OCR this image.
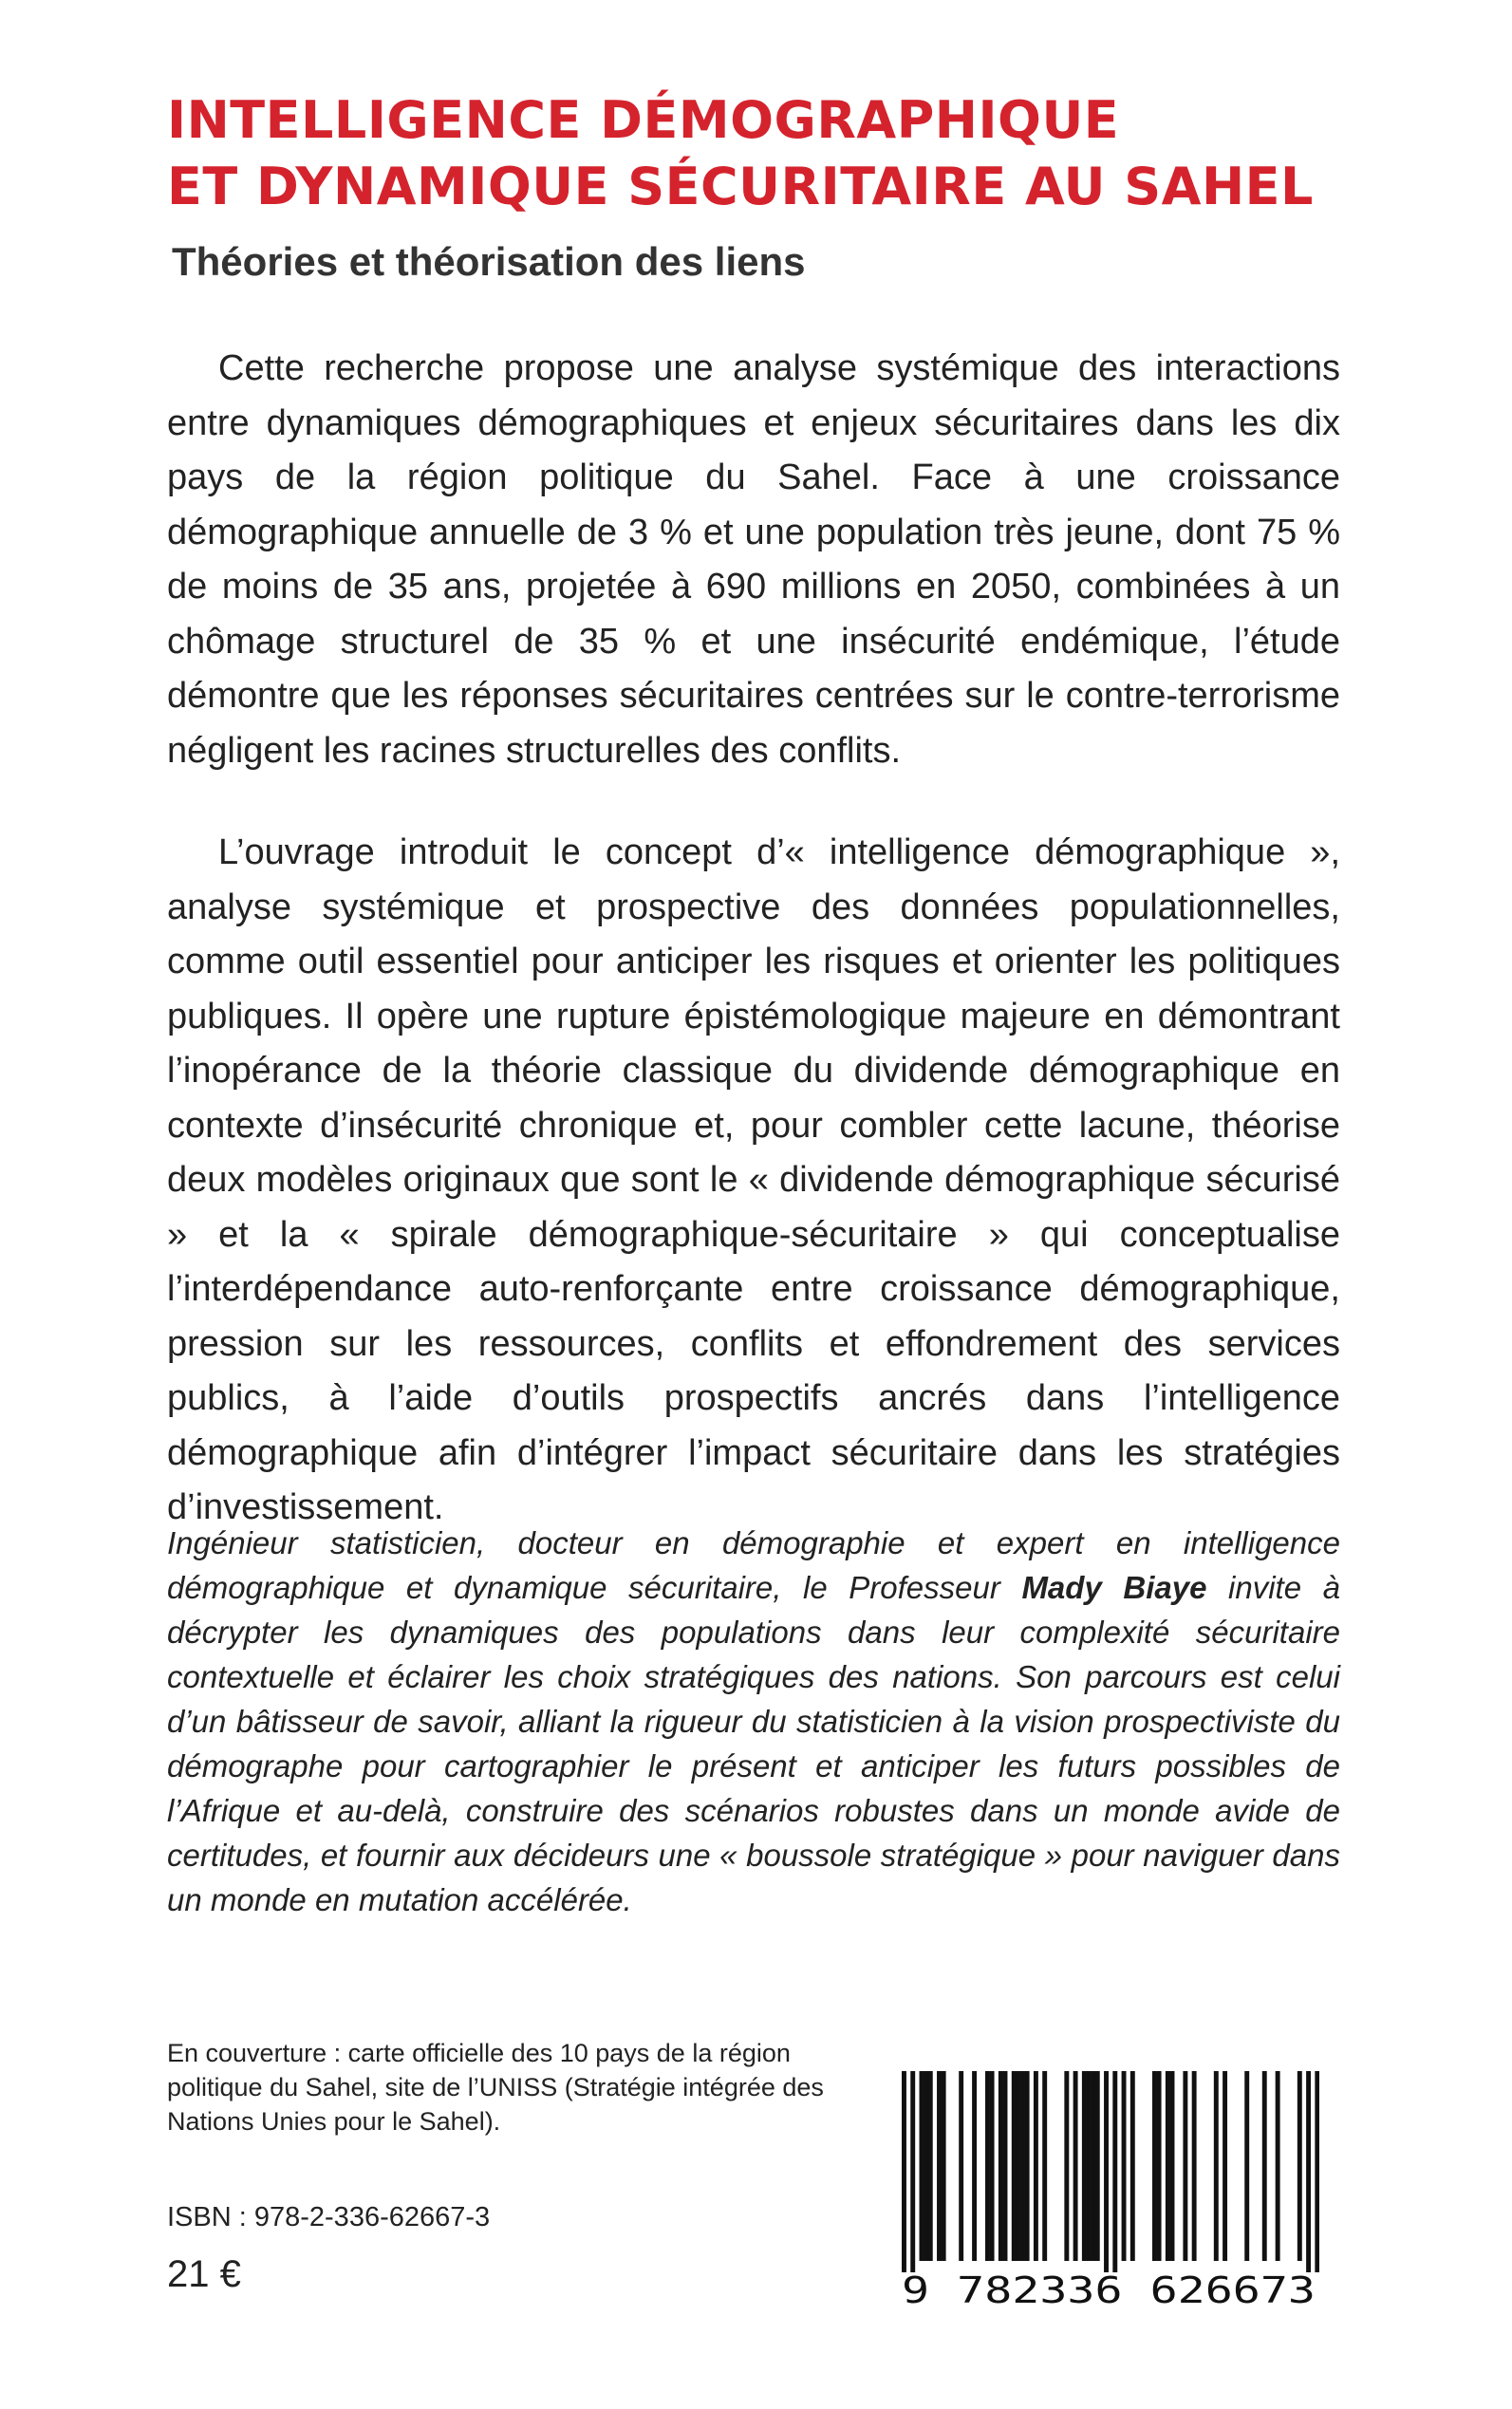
INTELLIGENCE DÉMOGRAPHIQUE
ET DYNAMIQUE SÉCURITAIRE AU SAHEL
Théories et théorisation des liens

Cette recherche propose une analyse systémique des interactions entre dynamiques démographiques et enjeux sécuritaires dans les dix pays de la région politique du Sahel. Face à une croissance démographique annuelle de 3 % et une population très jeune, dont 75 % de moins de 35 ans, projetée à 690 millions en 2050, combinées à un chômage structurel de 35 % et une insécurité endémique, l’étude démontre que les réponses sécuritaires centrées sur le contre-terrorisme négligent les racines structurelles des conflits.

L’ouvrage introduit le concept d’« intelligence démographique », analyse systémique et prospective des données populationnelles, comme outil essentiel pour anticiper les risques et orienter les politiques publiques. Il opère une rupture épistémologique majeure en démontrant l’inopérance de la théorie classique du dividende démographique en contexte d’insécurité chronique et, pour combler cette lacune, théorise deux modèles originaux que sont le « dividende démographique sécurisé » et la « spirale démographique-sécuritaire » qui conceptualise l’interdépendance auto-renforçante entre croissance démographique, pression sur les ressources, conflits et effondrement des services publics, à l’aide d’outils prospectifs ancrés dans l’intelligence démographique afin d’intégrer l’impact sécuritaire dans les stratégies d’investissement.

Ingénieur statisticien, docteur en démographie et expert en intelligence démographique et dynamique sécuritaire, le Professeur Mady Biaye invite à décrypter les dynamiques des populations dans leur complexité sécuritaire contextuelle et éclairer les choix stratégiques des nations. Son parcours est celui d’un bâtisseur de savoir, alliant la rigueur du statisticien à la vision prospectiviste du démographe pour cartographier le présent et anticiper les futurs possibles de l’Afrique et au-delà, construire des scénarios robustes dans un monde avide de certitudes, et fournir aux décideurs une « boussole stratégique » pour naviguer dans un monde en mutation accélérée.

En couverture : carte officielle des 10 pays de la région politique du Sahel, site de l’UNISS (Stratégie intégrée des Nations Unies pour le Sahel).

ISBN : 978-2-336-62667-3

21 €	9 782336 626673
